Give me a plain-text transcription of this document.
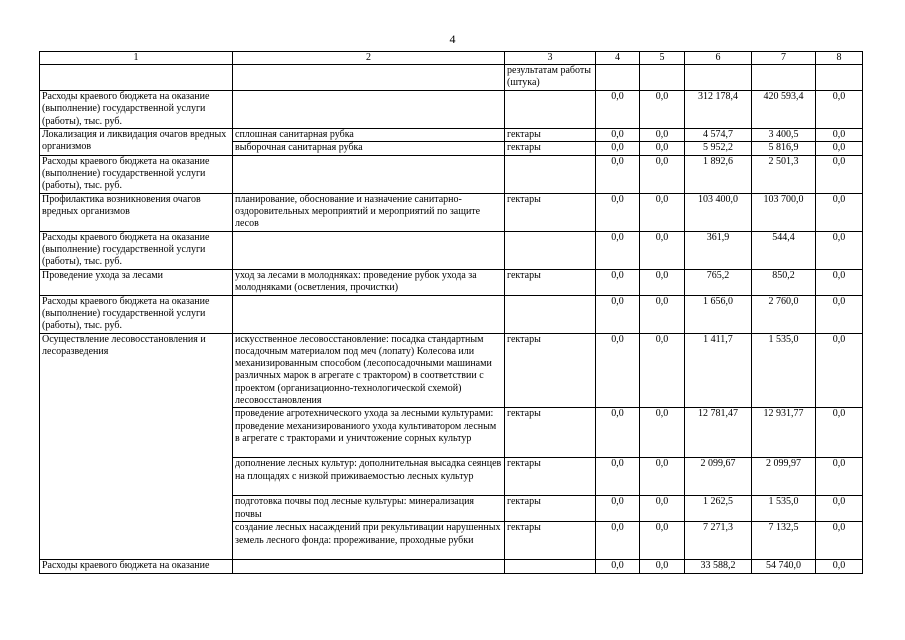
4
1	2	3	4	5	6	7	8
		результатам работы (штука)					
Расходы краевого бюджета на оказание (выполнение) государственной услуги (работы), тыс. руб.			0,0	0,0	312 178,4	420 593,4	0,0
Локализация и ликвидация очагов вредных организмов	сплошная санитарная рубка	гектары	0,0	0,0	4 574,7	3 400,5	0,0
	выборочная санитарная рубка	гектары	0,0	0,0	5 952,2	5 816,9	0,0
Расходы краевого бюджета на оказание (выполнение) государственной услуги (работы), тыс. руб.			0,0	0,0	1 892,6	2 501,3	0,0
Профилактика возникновения очагов вредных организмов	планирование, обоснование и назначение санитарно-оздоровительных мероприятий и мероприятий по защите лесов	гектары	0,0	0,0	103 400,0	103 700,0	0,0
Расходы краевого бюджета на оказание (выполнение) государственной услуги (работы), тыс. руб.			0,0	0,0	361,9	544,4	0,0
Проведение ухода за лесами	уход за лесами в молодняках: проведение рубок ухода за молодняками (осветления, прочистки)	гектары	0,0	0,0	765,2	850,2	0,0
Расходы краевого бюджета на оказание (выполнение) государственной услуги (работы), тыс. руб.			0,0	0,0	1 656,0	2 760,0	0,0
Осуществление лесовосстановления и лесоразведения	искусственное лесовосстановление: посадка стандартным посадочным материалом под меч (лопату) Колесова или механизированным способом (лесопосадочными машинами различных марок в агрегате с трактором) в соответствии с проектом (организационно-технологической схемой) лесовосстановления	гектары	0,0	0,0	1 411,7	1 535,0	0,0
	проведение агротехнического ухода за лесными культурами: проведение механизированиого ухода культиватором лесным в агрегате с тракторами и уничтожение сорных культур	гектары	0,0	0,0	12 781,47	12 931,77	0,0
	дополнение лесных культур: дополнительная высадка сеянцев на площадях с низкой приживаемостью лесных культур	гектары	0,0	0,0	2 099,67	2 099,97	0,0
	подготовка почвы под лесные культуры: минерализация почвы	гектары	0,0	0,0	1 262,5	1 535,0	0,0
	создание лесных насаждений при рекультивации нарушенных земель лесного фонда: прореживание, проходные рубки	гектары	0,0	0,0	7 271,3	7 132,5	0,0
Расходы краевого бюджета на оказание			0,0	0,0	33 588,2	54 740,0	0,0
